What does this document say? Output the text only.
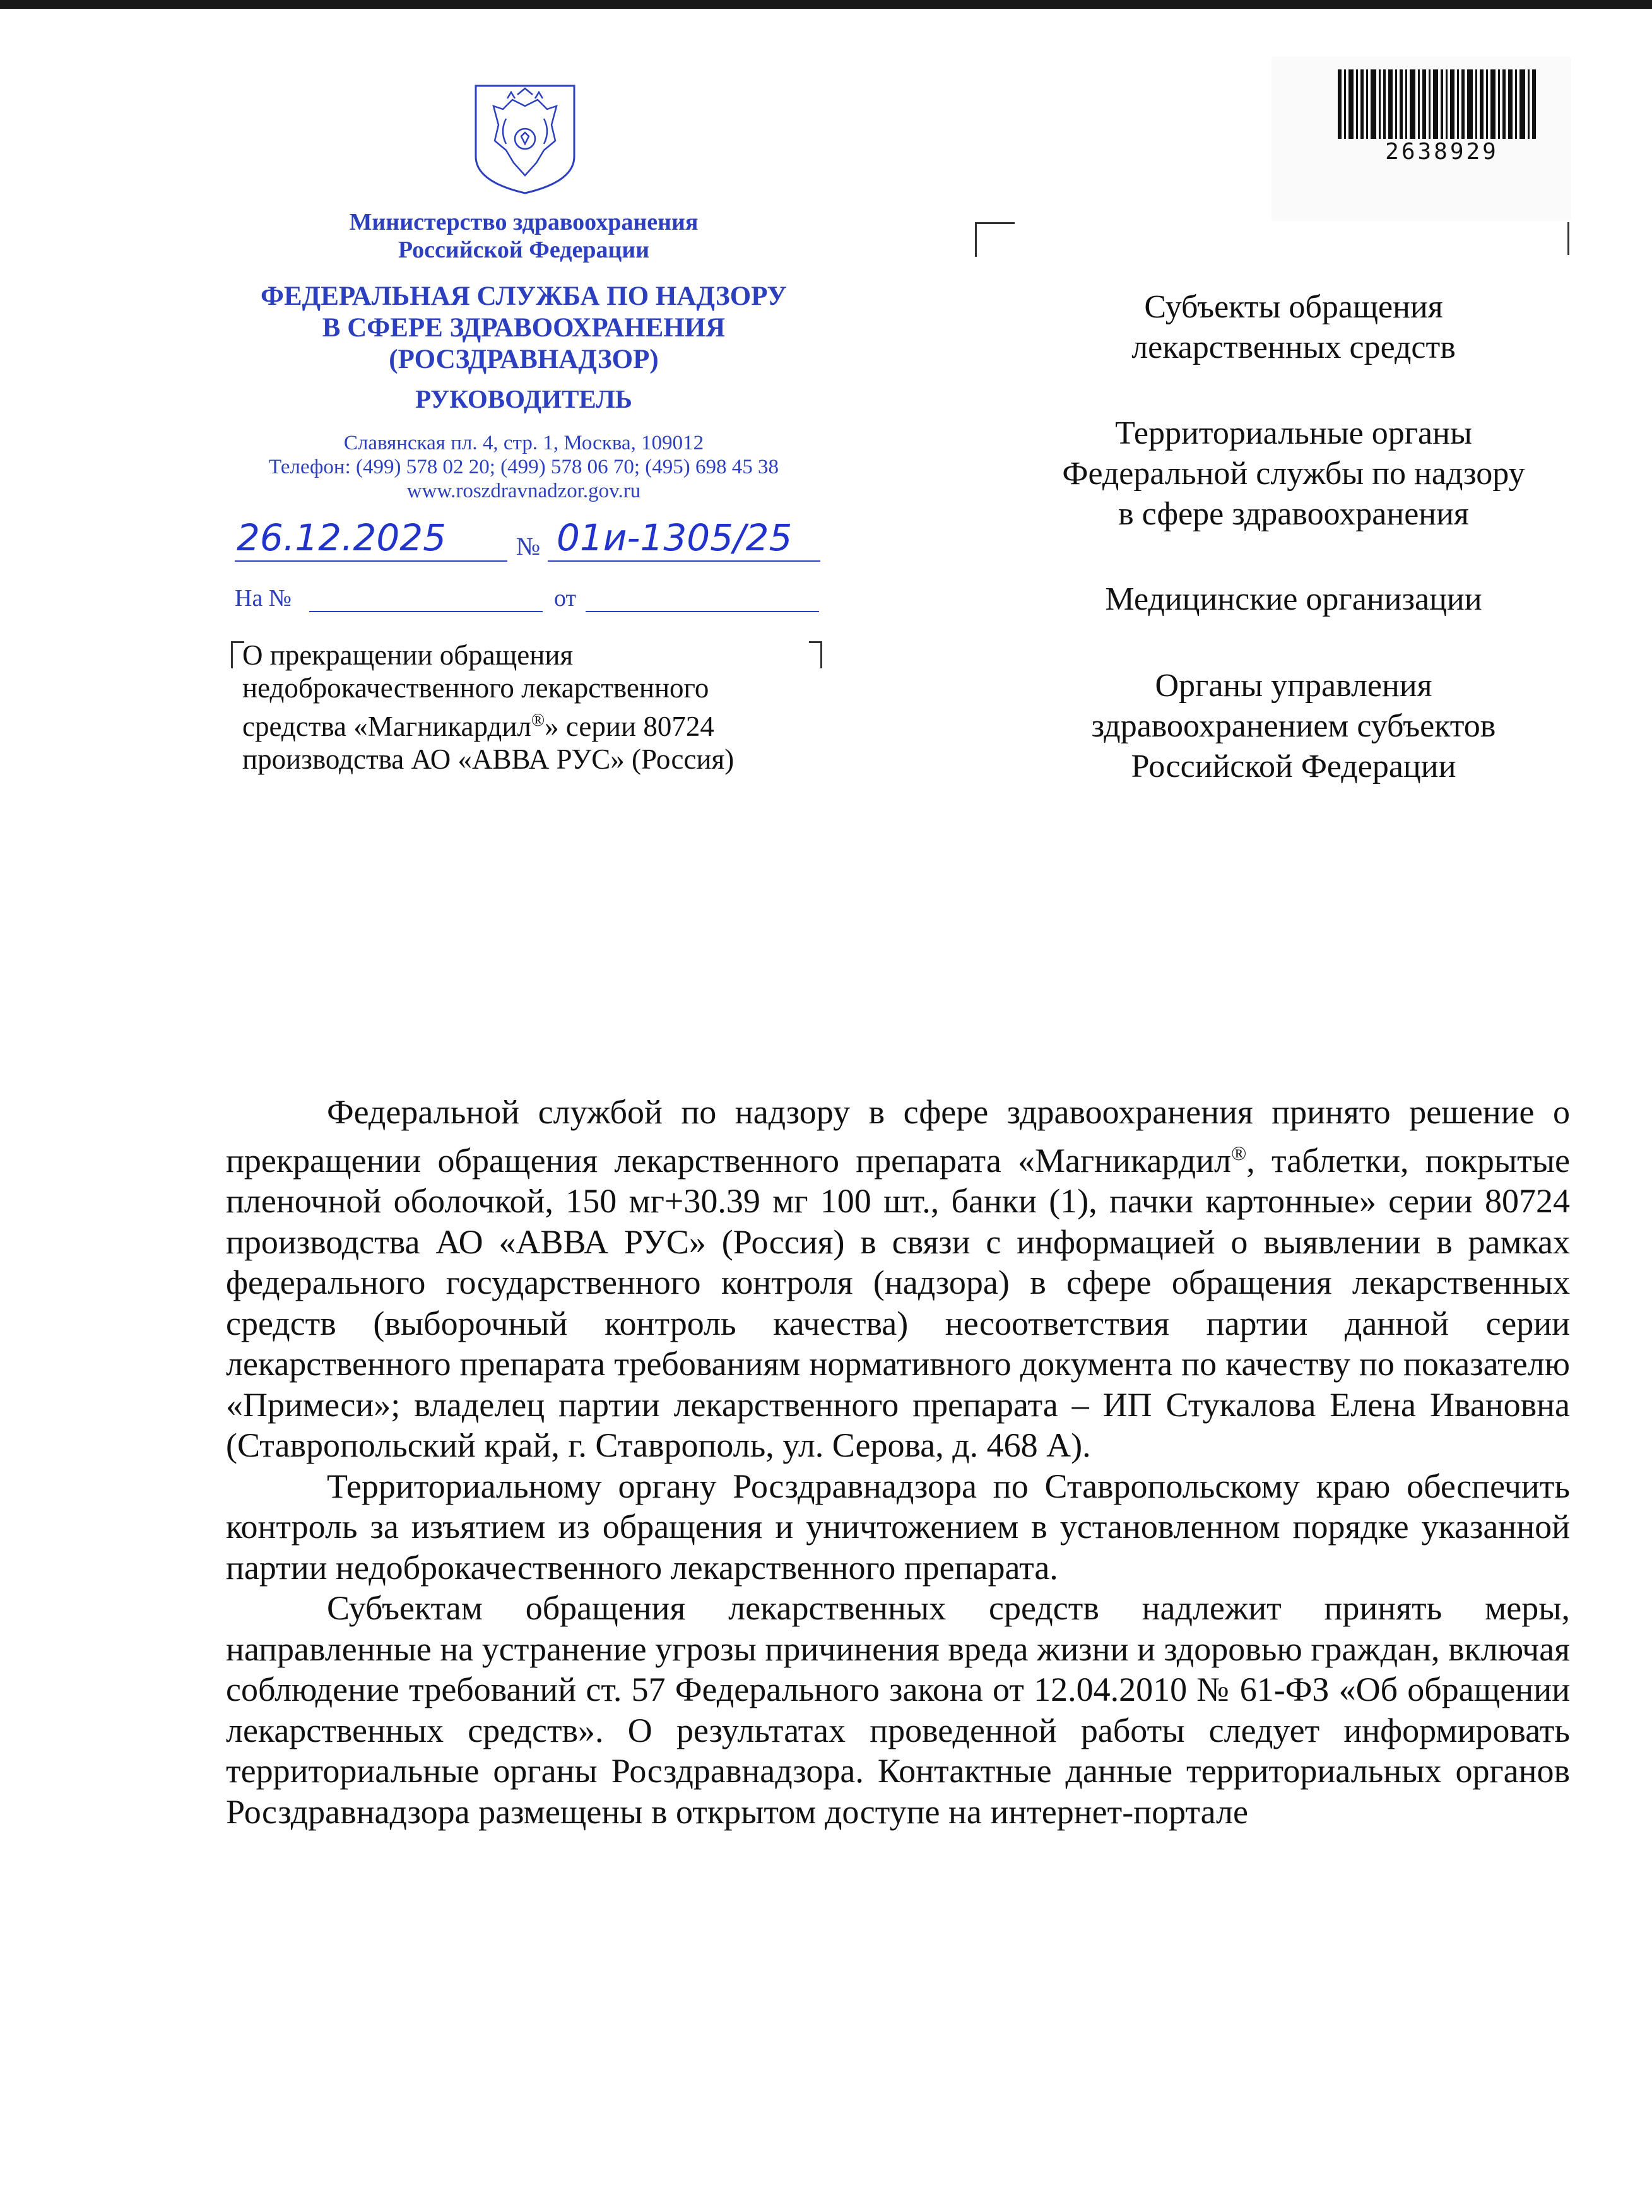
Министерство здравоохранения
Российской Федерации
ФЕДЕРАЛЬНАЯ СЛУЖБА ПО НАДЗОРУ
В СФЕРЕ ЗДРАВООХРАНЕНИЯ
(РОСЗДРАВНАДЗОР)
РУКОВОДИТЕЛЬ
Славянская пл. 4, стр. 1, Москва, 109012
Телефон: (499) 578 02 20; (499) 578 06 70; (495) 698 45 38
www.roszdravnadzor.gov.ru
26.12.2025	№ 01и-1305/25
На №	от
О прекращении обращения
недоброкачественного лекарственного
средства «Магникардил®» серии 80724
производства АО «АВВА РУС» (Россия)
2638929
Субъекты обращения
лекарственных средств
Территориальные органы
Федеральной службы по надзору
в сфере здравоохранения
Медицинские организации
Органы управления
здравоохранением субъектов
Российской Федерации

Федеральной службой по надзору в сфере здравоохранения принято решение о прекращении обращения лекарственного препарата «Магникардил®, таблетки, покрытые пленочной оболочкой, 150 мг+30.39 мг 100 шт., банки (1), пачки картонные» серии 80724 производства АО «АВВА РУС» (Россия) в связи с информацией о выявлении в рамках федерального государственного контроля (надзора) в сфере обращения лекарственных средств (выборочный контроль качества) несоответствия партии данной серии лекарственного препарата требованиям нормативного документа по качеству по показателю «Примеси»; владелец партии лекарственного препарата – ИП Стукалова Елена Ивановна (Ставропольский край, г. Ставрополь, ул. Серова, д. 468 А).

Территориальному органу Росздравнадзора по Ставропольскому краю обеспечить контроль за изъятием из обращения и уничтожением в установленном порядке указанной партии недоброкачественного лекарственного препарата.

Субъектам обращения лекарственных средств надлежит принять меры, направленные на устранение угрозы причинения вреда жизни и здоровью граждан, включая соблюдение требований ст. 57 Федерального закона от 12.04.2010 № 61-ФЗ «Об обращении лекарственных средств». О результатах проведенной работы следует информировать территориальные органы Росздравнадзора. Контактные данные территориальных органов Росздравнадзора размещены в открытом доступе на интернет-портале
